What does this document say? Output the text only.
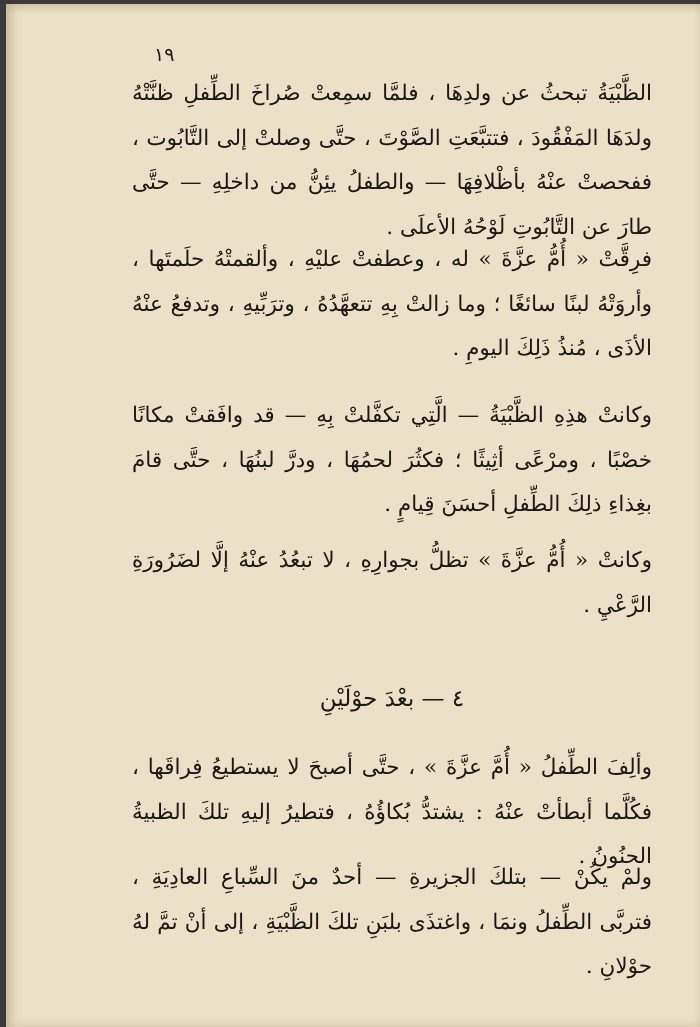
١٩
الظَّبْيَةُ تبحثُ عن ولدِهَا ، فلمَّا سمِعتْ صُراخَ الطِّفلِ ظنَّتْهُ ولدَهَا المَفْقُودَ ، فتتبَّعَتِ الصَّوْتَ ، حتَّى وصلتْ إلى التَّابُوت ، ففحصتْ عنْهُ بأظْلافِهَا — والطفلُ يئِنُّ من داخلِهِ — حتَّى طارَ عن التَّابُوتِ لَوْحُهُ الأعلَى .
فرِقَّتْ « أُمُّ عزَّةَ » له ، وعطفتْ عليْهِ ، وألقمتْهُ حلَمتَها ، وأروَتْهُ لبنًا سائغًا ؛ وما زالتْ بِهِ تتعهَّدُهُ ، وترَبِّيهِ ، وتدفعُ عنْهُ الأذَى ، مُنذُ ذَلِكَ اليومِ .
وكانتْ هذِهِ الظَّبْيَةُ — الَّتِي تكفَّلتْ بِهِ — قد وافَقتْ مكانًا خصْبًا ، ومرْعًى أثِيثًا ؛ فكثُرَ لحمُهَا ، ودرَّ لبنُهَا ، حتَّى قامَ بغِذاءِ ذلِكَ الطِّفلِ أحسَنَ قِيامٍ .
وكانتْ « أُمُّ عزَّةَ » تظلُّ بجوارِهِ ، لا تبعُدُ عنْهُ إلَّا لضَرُورَةِ الرَّعْيِ .
٤ — بعْدَ حوْلَيْنِ
وألِفَ الطِّفلُ « أُمَّ عزَّةَ » ، حتَّى أصبحَ لا يستطيعُ فِراقَها ، فكُلَّما أبطأتْ عنْهُ : يشتدُّ بُكاؤُهُ ، فتطيرُ إليهِ تلكَ الظبيةُ الحنُونُ .
ولمْ يكُنْ — بتلكَ الجزيرةِ — أحدٌ منَ السِّباعِ العادِيَةِ ، فتربَّى الطِّفلُ ونمَا ، واغتذَى بلبَنِ تلكَ الظَّبْيَةِ ، إلى أنْ تمَّ لهُ حوْلانِ .
